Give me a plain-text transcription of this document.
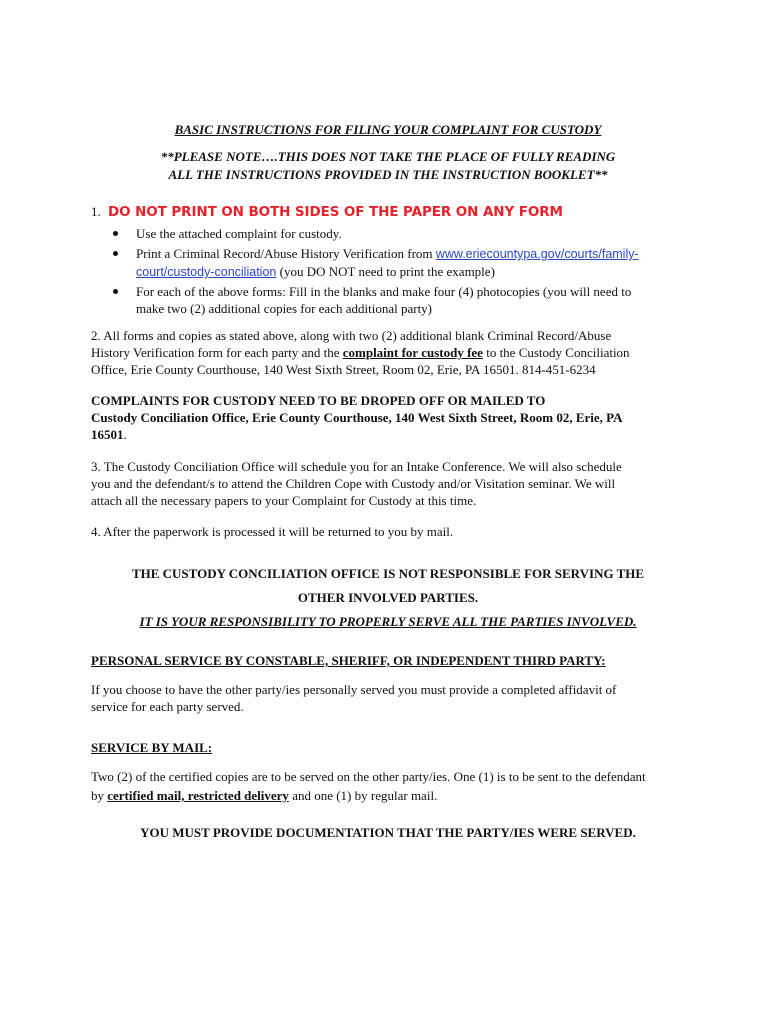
BASIC INSTRUCTIONS FOR FILING YOUR COMPLAINT FOR CUSTODY

**PLEASE NOTE….THIS DOES NOT TAKE THE PLACE OF FULLY READING

ALL THE INSTRUCTIONS PROVIDED IN THE INSTRUCTION BOOKLET**

1. DO NOT PRINT ON BOTH SIDES OF THE PAPER ON ANY FORM
Use the attached complaint for custody.
Print a Criminal Record/Abuse History Verification from www.eriecountypa.gov/courts/family-
court/custody-conciliation (you DO NOT need to print the example)
For each of the above forms: Fill in the blanks and make four (4) photocopies (you will need to
make two (2) additional copies for each additional party)
2. All forms and copies as stated above, along with two (2) additional blank Criminal Record/Abuse
History Verification form for each party and the complaint for custody fee to the Custody Conciliation
Office, Erie County Courthouse, 140 West Sixth Street, Room 02, Erie, PA 16501. 814-451-6234
COMPLAINTS FOR CUSTODY NEED TO BE DROPED OFF OR MAILED TO
Custody Conciliation Office, Erie County Courthouse, 140 West Sixth Street, Room 02, Erie, PA
16501.
3. The Custody Conciliation Office will schedule you for an Intake Conference. We will also schedule
you and the defendant/s to attend the Children Cope with Custody and/or Visitation seminar. We will
attach all the necessary papers to your Complaint for Custody at this time.

4. After the paperwork is processed it will be returned to you by mail.

THE CUSTODY CONCILIATION OFFICE IS NOT RESPONSIBLE FOR SERVING THE

OTHER INVOLVED PARTIES.

IT IS YOUR RESPONSIBILITY TO PROPERLY SERVE ALL THE PARTIES INVOLVED.

PERSONAL SERVICE BY CONSTABLE, SHERIFF, OR INDEPENDENT THIRD PARTY:

If you choose to have the other party/ies personally served you must provide a completed affidavit of
service for each party served.

SERVICE BY MAIL:

Two (2) of the certified copies are to be served on the other party/ies. One (1) is to be sent to the defendant
by certified mail, restricted delivery and one (1) by regular mail.

YOU MUST PROVIDE DOCUMENTATION THAT THE PARTY/IES WERE SERVED.
